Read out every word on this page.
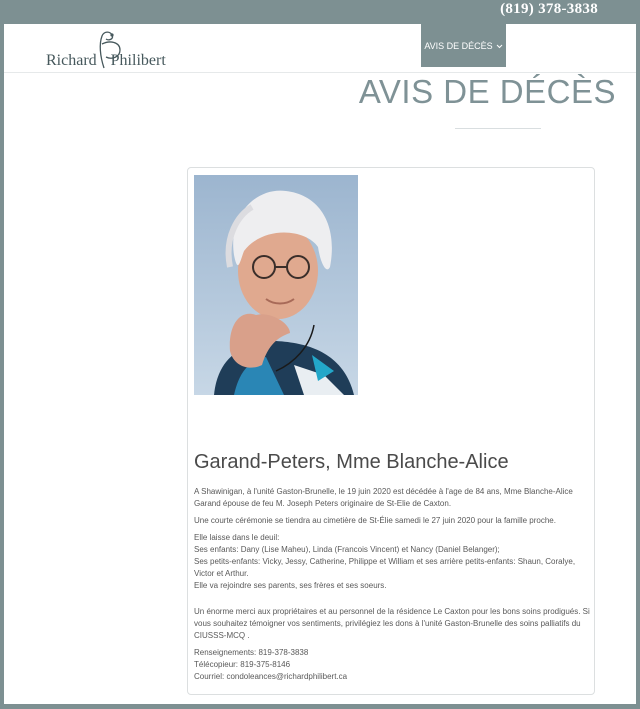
(819) 378-3838
Richard Philibert
AVIS DE DÉCÈS
AVIS DE DÉCÈS
Garand-Peters, Mme Blanche-Alice

A Shawinigan, à l'unité Gaston-Brunelle, le 19 juin 2020 est décédée à l'age de 84 ans, Mme Blanche-Alice Garand épouse de feu M. Joseph Peters originaire de St-Elie de Caxton.

Une courte cérémonie se tiendra au cimetière de St-Élie samedi le 27 juin 2020 pour la famille proche.

Elle laisse dans le deuil:
Ses enfants: Dany (Lise Maheu), Linda (Francois Vincent) et Nancy (Daniel Belanger);
Ses petits-enfants: Vicky, Jessy, Catherine, Philippe et William et ses arrière petits-enfants: Shaun, Coralye, Victor et Arthur.
Elle va rejoindre ses parents, ses frères et ses soeurs.

Un énorme merci aux propriétaires et au personnel de la résidence Le Caxton pour les bons soins prodigués. Si vous souhaitez témoigner vos sentiments, privilégiez les dons à l'unité Gaston-Brunelle des soins palliatifs du CIUSSS-MCQ .

Renseignements: 819-378-3838
Télécopieur: 819-375-8146
Courriel: condoleances@richardphilibert.ca
